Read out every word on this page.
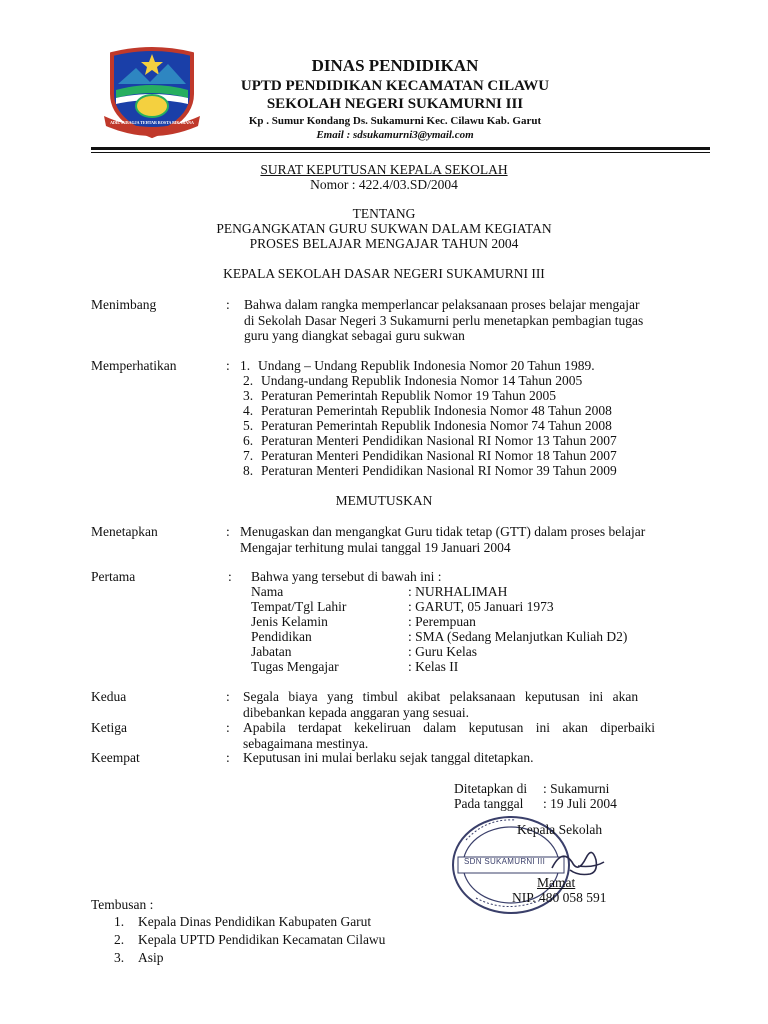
ADIL SUBAGJA TEHTAR ROSTA BIKARANA
DINAS PENDIDIKAN
UPTD PENDIDIKAN KECAMATAN CILAWU
SEKOLAH NEGERI SUKAMURNI III
Kp . Sumur Kondang Ds. Sukamurni Kec. Cilawu Kab. Garut
Email : sdsukamurni3@ymail.com
SURAT KEPUTUSAN KEPALA SEKOLAH
Nomor : 422.4/03.SD/2004
TENTANG
PENGANGKATAN GURU SUKWAN DALAM KEGIATAN
PROSES BELAJAR MENGAJAR TAHUN 2004
KEPALA SEKOLAH DASAR NEGERI SUKAMURNI III
Menimbang	: Bahwa dalam rangka memperlancar pelaksanaan proses belajar mengajar
di Sekolah Dasar Negeri 3 Sukamurni perlu menetapkan pembagian tugas
guru yang diangkat sebagai guru sukwan
Memperhatikan	: 1. Undang – Undang Republik Indonesia Nomor 20 Tahun 1989.
2. Undang-undang Republik Indonesia Nomor 14 Tahun 2005
3. Peraturan Pemerintah Republik Nomor 19 Tahun 2005
4. Peraturan Pemerintah Republik Indonesia Nomor 48 Tahun 2008
5. Peraturan Pemerintah Republik Indonesia Nomor 74 Tahun 2008
6. Peraturan Menteri Pendidikan Nasional RI Nomor 13 Tahun 2007
7. Peraturan Menteri Pendidikan Nasional RI Nomor 18 Tahun 2007
8. Peraturan Menteri Pendidikan Nasional RI Nomor 39 Tahun 2009
MEMUTUSKAN
Menetapkan	: Menugaskan dan mengangkat Guru tidak tetap (GTT) dalam proses belajar
Mengajar terhitung mulai tanggal 19 Januari 2004
Pertama	: Bahwa yang tersebut di bawah ini :
Nama	: NURHALIMAH
Tempat/Tgl Lahir	: GARUT, 05 Januari 1973
Jenis Kelamin	: Perempuan
Pendidikan	: SMA (Sedang Melanjutkan Kuliah D2)
Jabatan	: Guru Kelas
Tugas Mengajar	: Kelas II
Kedua	: Segala biaya yang timbul akibat pelaksanaan keputusan ini akan
dibebankan kepada anggaran yang sesuai.
Ketiga	: Apabila terdapat kekeliruan dalam keputusan ini akan diperbaiki
sebagaimana mestinya.
Keempat	: Keputusan ini mulai berlaku sejak tanggal ditetapkan.
Ditetapkan di : Sukamurni
Pada tanggal : 19 Juli 2004
SDN SUKAMURNI III
Kepala Sekolah
Mamat
NIP. 480 058 591
Tembusan :
1. Kepala Dinas Pendidikan Kabupaten Garut
2. Kepala UPTD Pendidikan Kecamatan Cilawu
3. Asip
